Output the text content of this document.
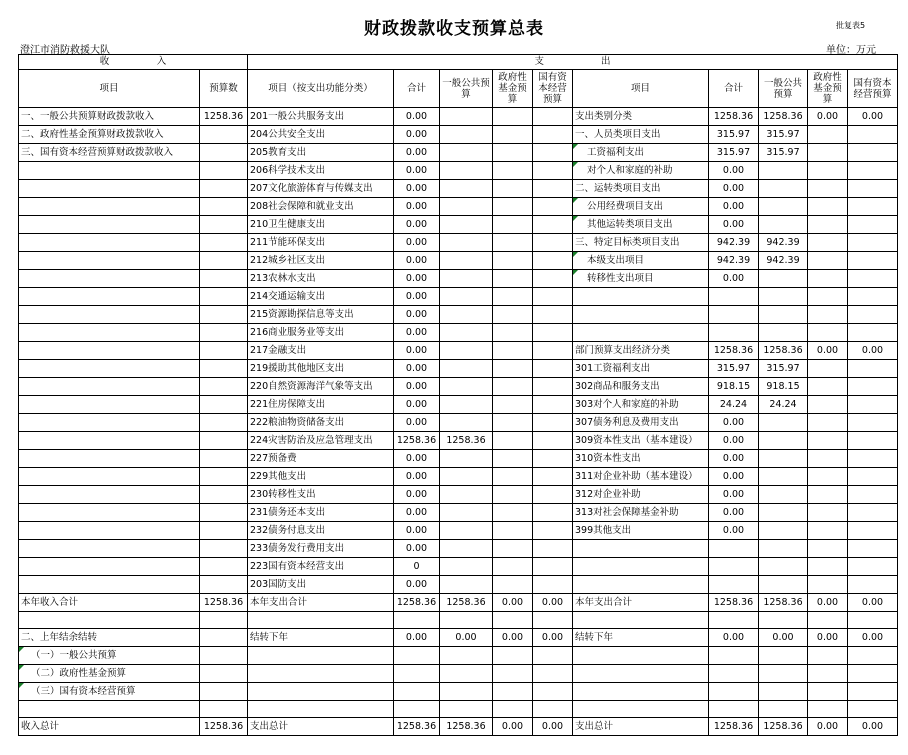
财政拨款收支预算总表	批复表5
澄江市消防救援大队	单位：万元
收　　　　　入		支　　　　　　出									
项目	预算数	项目（按支出功能分类）	合计	一般公共预算	政府性基金预算	国有资本经营预算	项目	合计	一般公共预算	政府性基金预算	国有资本经营预算
一、一般公共预算财政拨款收入	1258.36	201一般公共服务支出	0.00				支出类别分类	1258.36	1258.36	0.00	0.00
二、政府性基金预算财政拨款收入		204公共安全支出	0.00				一、人员类项目支出	315.97	315.97		
三、国有资本经营预算财政拨款收入		205教育支出	0.00				工资福利支出	315.97	315.97		
		206科学技术支出	0.00				对个人和家庭的补助	0.00			
		207文化旅游体育与传媒支出	0.00				二、运转类项目支出	0.00			
		208社会保障和就业支出	0.00				公用经费项目支出	0.00			
		210卫生健康支出	0.00				其他运转类项目支出	0.00			
		211节能环保支出	0.00				三、特定目标类项目支出	942.39	942.39		
		212城乡社区支出	0.00				本级支出项目	942.39	942.39		
		213农林水支出	0.00				转移性支出项目	0.00			
		214交通运输支出	0.00								
		215资源勘探信息等支出	0.00								
		216商业服务业等支出	0.00								
		217金融支出	0.00				部门预算支出经济分类	1258.36	1258.36	0.00	0.00
		219援助其他地区支出	0.00				301工资福利支出	315.97	315.97		
		220自然资源海洋气象等支出	0.00				302商品和服务支出	918.15	918.15		
		221住房保障支出	0.00				303对个人和家庭的补助	24.24	24.24		
		222粮油物资储备支出	0.00				307债务利息及费用支出	0.00			
		224灾害防治及应急管理支出	1258.36	1258.36			309资本性支出（基本建设）	0.00			
		227预备费	0.00				310资本性支出	0.00			
		229其他支出	0.00				311对企业补助（基本建设）	0.00			
		230转移性支出	0.00				312对企业补助	0.00			
		231债务还本支出	0.00				313对社会保障基金补助	0.00			
		232债务付息支出	0.00				399其他支出	0.00			
		233债务发行费用支出	0.00								
		223国有资本经营支出	0								
		203国防支出	0.00								
本年收入合计	1258.36	本年支出合计	1258.36	1258.36	0.00	0.00	本年支出合计	1258.36	1258.36	0.00	0.00

二、上年结余结转		结转下年	0.00	0.00	0.00	0.00	结转下年	0.00	0.00	0.00	0.00
（一）一般公共预算											
（二）政府性基金预算											
（三）国有资本经营预算											

收入总计	1258.36	支出总计	1258.36	1258.36	0.00	0.00	支出总计	1258.36	1258.36	0.00	0.00
